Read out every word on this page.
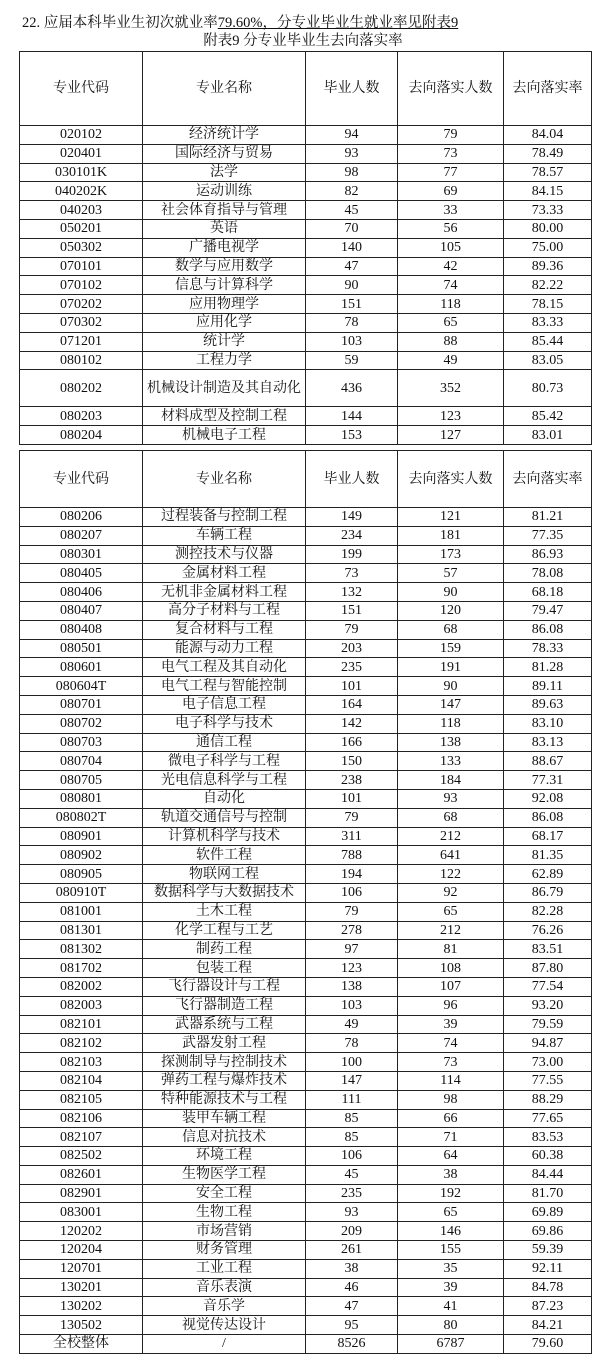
22. 应届本科毕业生初次就业率79.60%，分专业毕业生就业率见附表9
附表9 分专业毕业生去向落实率
专业代码	专业名称	毕业人数	去向落实人数	去向落实率
020102	经济统计学	94	79	84.04
020401	国际经济与贸易	93	73	78.49
030101K	法学	98	77	78.57
040202K	运动训练	82	69	84.15
040203	社会体育指导与管理	45	33	73.33
050201	英语	70	56	80.00
050302	广播电视学	140	105	75.00
070101	数学与应用数学	47	42	89.36
070102	信息与计算科学	90	74	82.22
070202	应用物理学	151	118	78.15
070302	应用化学	78	65	83.33
071201	统计学	103	88	85.44
080102	工程力学	59	49	83.05
080202	机械设计制造及其自动化	436	352	80.73
080203	材料成型及控制工程	144	123	85.42
080204	机械电子工程	153	127	83.01
专业代码	专业名称	毕业人数	去向落实人数	去向落实率
080206	过程装备与控制工程	149	121	81.21
080207	车辆工程	234	181	77.35
080301	测控技术与仪器	199	173	86.93
080405	金属材料工程	73	57	78.08
080406	无机非金属材料工程	132	90	68.18
080407	高分子材料与工程	151	120	79.47
080408	复合材料与工程	79	68	86.08
080501	能源与动力工程	203	159	78.33
080601	电气工程及其自动化	235	191	81.28
080604T	电气工程与智能控制	101	90	89.11
080701	电子信息工程	164	147	89.63
080702	电子科学与技术	142	118	83.10
080703	通信工程	166	138	83.13
080704	微电子科学与工程	150	133	88.67
080705	光电信息科学与工程	238	184	77.31
080801	自动化	101	93	92.08
080802T	轨道交通信号与控制	79	68	86.08
080901	计算机科学与技术	311	212	68.17
080902	软件工程	788	641	81.35
080905	物联网工程	194	122	62.89
080910T	数据科学与大数据技术	106	92	86.79
081001	土木工程	79	65	82.28
081301	化学工程与工艺	278	212	76.26
081302	制药工程	97	81	83.51
081702	包装工程	123	108	87.80
082002	飞行器设计与工程	138	107	77.54
082003	飞行器制造工程	103	96	93.20
082101	武器系统与工程	49	39	79.59
082102	武器发射工程	78	74	94.87
082103	探测制导与控制技术	100	73	73.00
082104	弹药工程与爆炸技术	147	114	77.55
082105	特种能源技术与工程	111	98	88.29
082106	装甲车辆工程	85	66	77.65
082107	信息对抗技术	85	71	83.53
082502	环境工程	106	64	60.38
082601	生物医学工程	45	38	84.44
082901	安全工程	235	192	81.70
083001	生物工程	93	65	69.89
120202	市场营销	209	146	69.86
120204	财务管理	261	155	59.39
120701	工业工程	38	35	92.11
130201	音乐表演	46	39	84.78
130202	音乐学	47	41	87.23
130502	视觉传达设计	95	80	84.21
全校整体	/	8526	6787	79.60
